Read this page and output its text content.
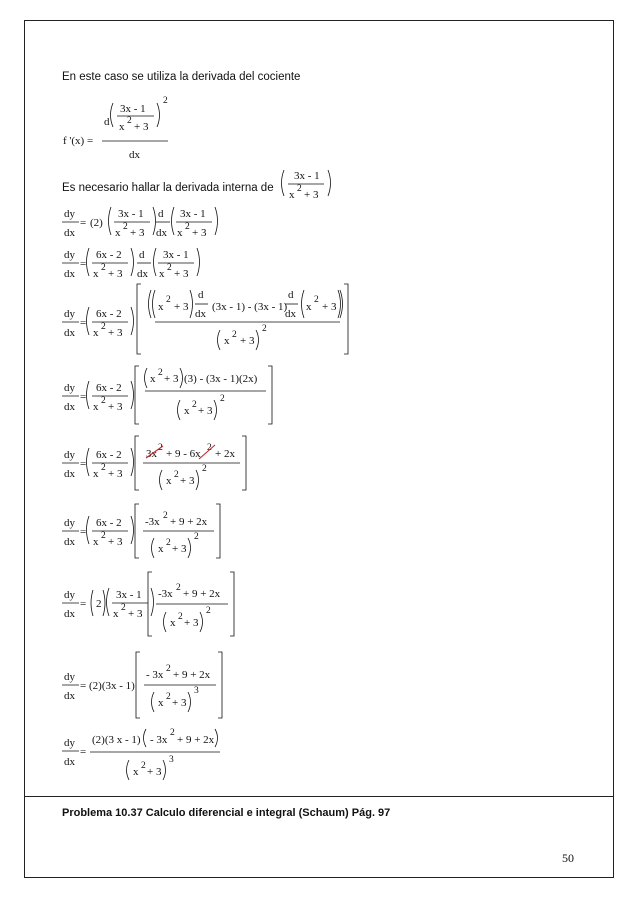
En este caso se utiliza la derivada del cociente
Es necesario hallar la derivada interna de
f '(x) =
d
3x - 1
x 2 + 3
2
dx
3x - 1
x 2 + 3
dy
dx
= (2)
3x - 1
x 2 + 3
d
dx
3x - 1
x 2 + 3
dy
dx
=
6x - 2
x 2 + 3
d
dx
3x - 1
x 2 + 3
dy
dx
=
6x - 2
x 2 + 3
x
2
+ 3
d
dx
(3x - 1) - (3x - 1)
d
dx
x
2
+ 3
x 2 + 3
2
dy
dx
=
6x - 2
x 2 + 3
x 2 + 3 (3) - (3x - 1)(2x)
x 2 + 3
2
dy
dx
=
6x - 2
x 2 + 3
3x 2 + 9 - 6x 2 + 2x
x 2 + 3
2
dy
dx
=
6x - 2
x 2 + 3
-3x 2 + 9 + 2x
x 2 + 3
2
dy
dx
= 2
3x - 1
x 2 + 3
-3x 2 + 9 + 2x
x 2 + 3
2
dy
dx
= (2)(3x - 1)
- 3x 2 + 9 + 2x
x 2 + 3
3
dy
dx
=
(2)(3 x - 1) - 3x
2
+ 9 + 2x
x 2 + 3
3
Problema 10.37 Calculo diferencial e integral (Schaum) Pág. 97
50
